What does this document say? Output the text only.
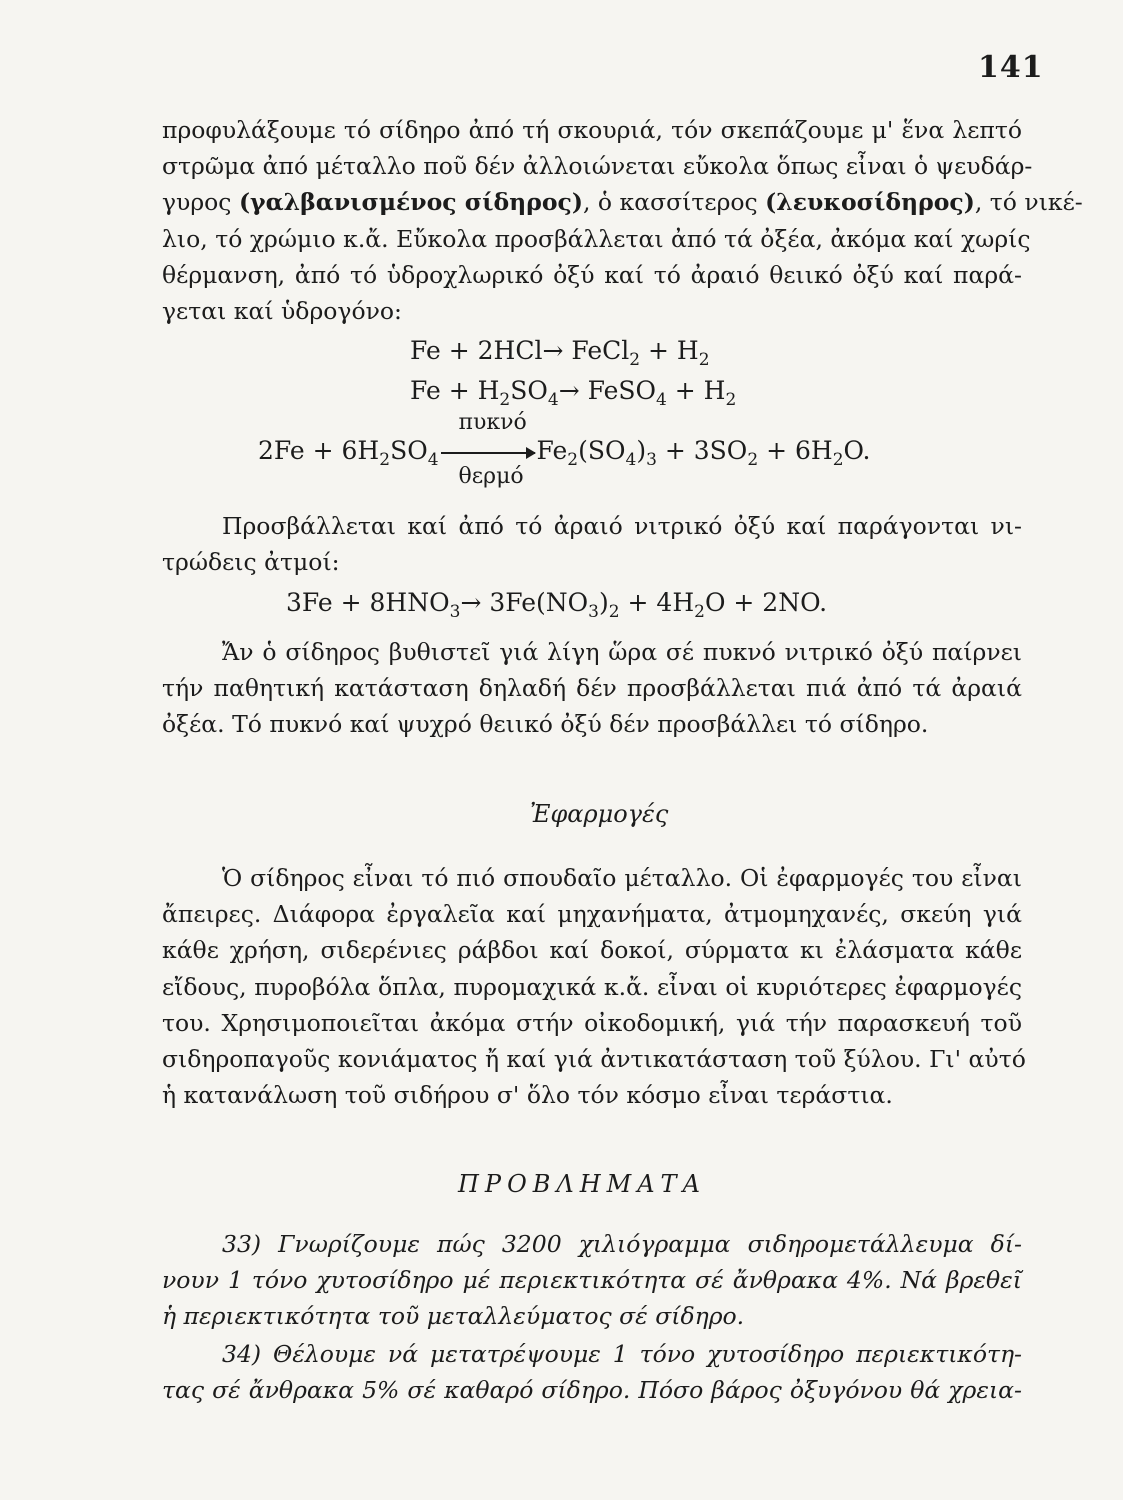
141
προφυλάξουμε τό σίδηρο ἀπό τή σκουριά, τόν σκεπάζουμε μ' ἕνα λεπτό
στρῶμα ἀπό μέταλλο ποῦ δέν ἀλλοιώνεται εὔκολα ὅπως εἶναι ὁ ψευδάρ-
γυρος (γαλβανισμένος σίδηρος), ὁ κασσίτερος (λευκοσίδηρος), τό νικέ-
λιο, τό χρώμιο κ.ἄ. Εὔκολα προσβάλλεται ἀπό τά ὀξέα, ἀκόμα καί χωρίς
θέρμανση, ἀπό τό ὑδροχλωρικό ὀξύ καί τό ἀραιό θειικό ὀξύ καί παρά-
γεται καί ὑδρογόνο:
Fe + 2HCl→ FeCl$_2$ + $H_2$
$Fe + H_2SO_4\to$ FeSO$_4$ + $H_2$
$2Fe + 6H_2SO_4$
πυκνό
θερμό
$Fe_2(SO_4)_3 + 3SO_2 + 6H_2O$.
Προσβάλλεται καί ἀπό τό ἀραιό νιτρικό ὀξύ καί παράγονται νι-
τρώδεις ἀτμοί:
$3Fe + 8HNO_3\to 3Fe(NO_3)_2 + 4H_2O + 2NO$.
Ἄν ὁ σίδηρος βυθιστεῖ γιά λίγη ὥρα σέ πυκνό νιτρικό ὀξύ παίρνει
τήν παθητική κατάσταση δηλαδή δέν προσβάλλεται πιά ἀπό τά ἀραιά
ὀξέα. Τό πυκνό καί ψυχρό θειικό ὀξύ δέν προσβάλλει τό σίδηρο.
Ἐφαρμογές
Ὁ σίδηρος εἶναι τό πιό σπουδαῖο μέταλλο. Οἱ ἐφαρμογές του εἶναι
ἄπειρες. Διάφορα ἐργαλεῖα καί μηχανήματα, ἀτμομηχανές, σκεύη γιά
κάθε χρήση, σιδερένιες ράβδοι καί δοκοί, σύρματα κι ἐλάσματα κάθε
εἴδους, πυροβόλα ὅπλα, πυρομαχικά κ.ἄ. εἶναι οἱ κυριότερες ἐφαρμογές
του. Χρησιμοποιεῖται ἀκόμα στήν οἰκοδομική, γιά τήν παρασκευή τοῦ
σιδηροπαγοῦς κονιάματος ἤ καί γιά ἀντικατάσταση τοῦ ξύλου. Γι' αὐτό
ἡ κατανάλωση τοῦ σιδήρου σ' ὅλο τόν κόσμο εἶναι τεράστια.
ΠΡΟΒΛΗΜΑΤΑ
33) Γνωρίζουμε πώς 3200 χιλιόγραμμα σιδηρομετάλλευμα δί-
νουν 1 τόνο χυτοσίδηρο μέ περιεκτικότητα σέ ἄνθρακα 4%. Νά βρεθεῖ
ἡ περιεκτικότητα τοῦ μεταλλεύματος σέ σίδηρο.
34) Θέλουμε νά μετατρέψουμε 1 τόνο χυτοσίδηρο περιεκτικότη-
τας σέ ἄνθρακα 5% σέ καθαρό σίδηρο. Πόσο βάρος ὀξυγόνου θά χρεια-
